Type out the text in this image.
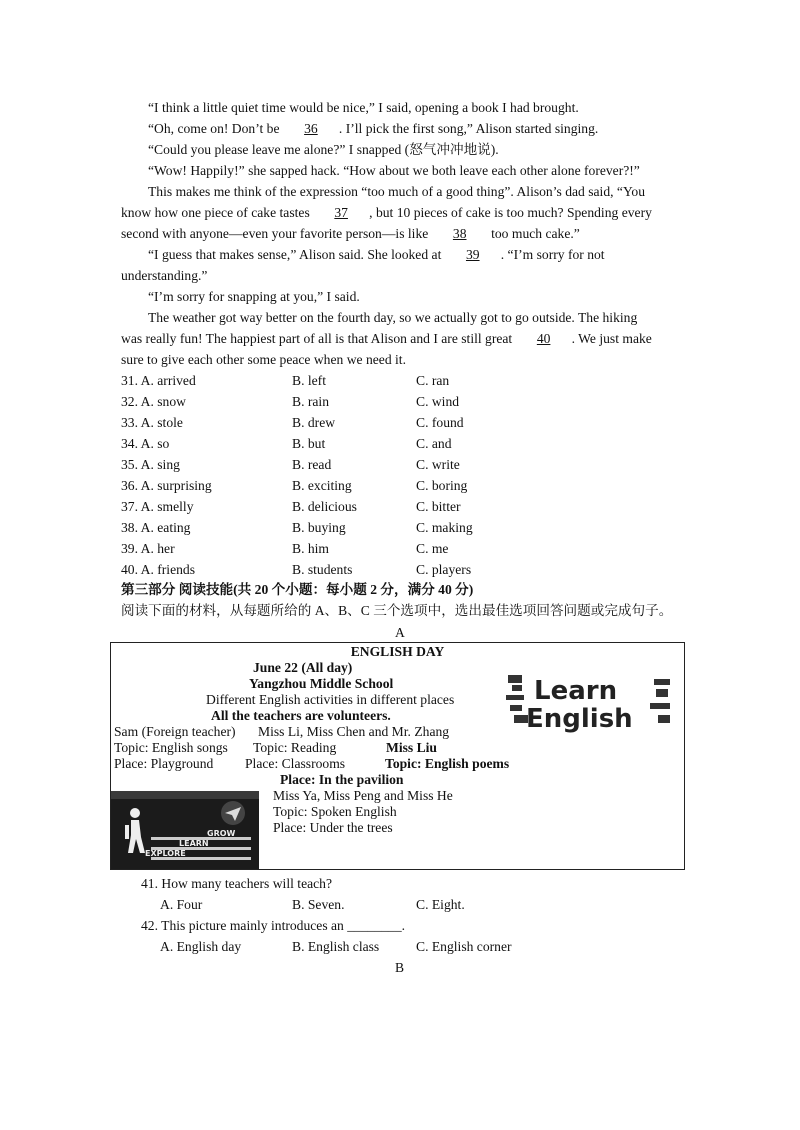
“I think a little quiet time would be nice,” I said, opening a book I had brought.
“Oh, come on! Don’t be 36 . I’ll pick the first song,” Alison started singing.
“Could you please leave me alone?” I snapped (怒气冲冲地说).
“Wow! Happily!” she sapped hack. “How about we both leave each other alone forever?!”
This makes me think of the expression “too much of a good thing”. Alison’s dad said, “You
know how one piece of cake tastes 37 , but 10 pieces of cake is too much? Spending every
second with anyone—even your favorite person—is like 38 too much cake.”
“I guess that makes sense,” Alison said. She looked at 39 . “I’m sorry for not
understanding.”
“I’m sorry for snapping at you,” I said.
The weather got way better on the fourth day, so we actually got to go outside. The hiking
was really fun! The happiest part of all is that Alison and I are still great 40 . We just make
sure to give each other some peace when we need it.
31. A. arrived	B. left	C. ran
32. A. snow	B. rain	C. wind
33. A. stole	B. drew	C. found
34. A. so	B. but	C. and
35. A. sing	B. read	C. write
36. A. surprising	B. exciting	C. boring
37. A. smelly	B. delicious	C. bitter
38. A. eating	B. buying	C. making
39. A. her	B. him	C. me
40. A. friends	B. students	C. players
第三部分 阅读技能(共 20 个小题：每小题 2 分，满分 40 分)
阅读下面的材料，从每题所给的 A、B、C 三个选项中，选出最佳选项回答问题或完成句子。
A
ENGLISH DAY
June 22 (All day)
Yangzhou Middle School
Different English activities in different places
All the teachers are volunteers.
Sam (Foreign teacher) Miss Li, Miss Chen and Mr. Zhang
Topic: English songs Topic: Reading	Miss Liu
Place: Playground Place: Classrooms	Topic: English poems
Place: In the pavilion
Miss Ya, Miss Peng and Miss He
Topic: Spoken English
Place: Under the trees
Learn
English
GROW
LEARN
EXPLORE
41. How many teachers will teach?
A. Four	B. Seven.	C. Eight.
42. This picture mainly introduces an ________.
A. English day	B. English class	C. English corner
B
